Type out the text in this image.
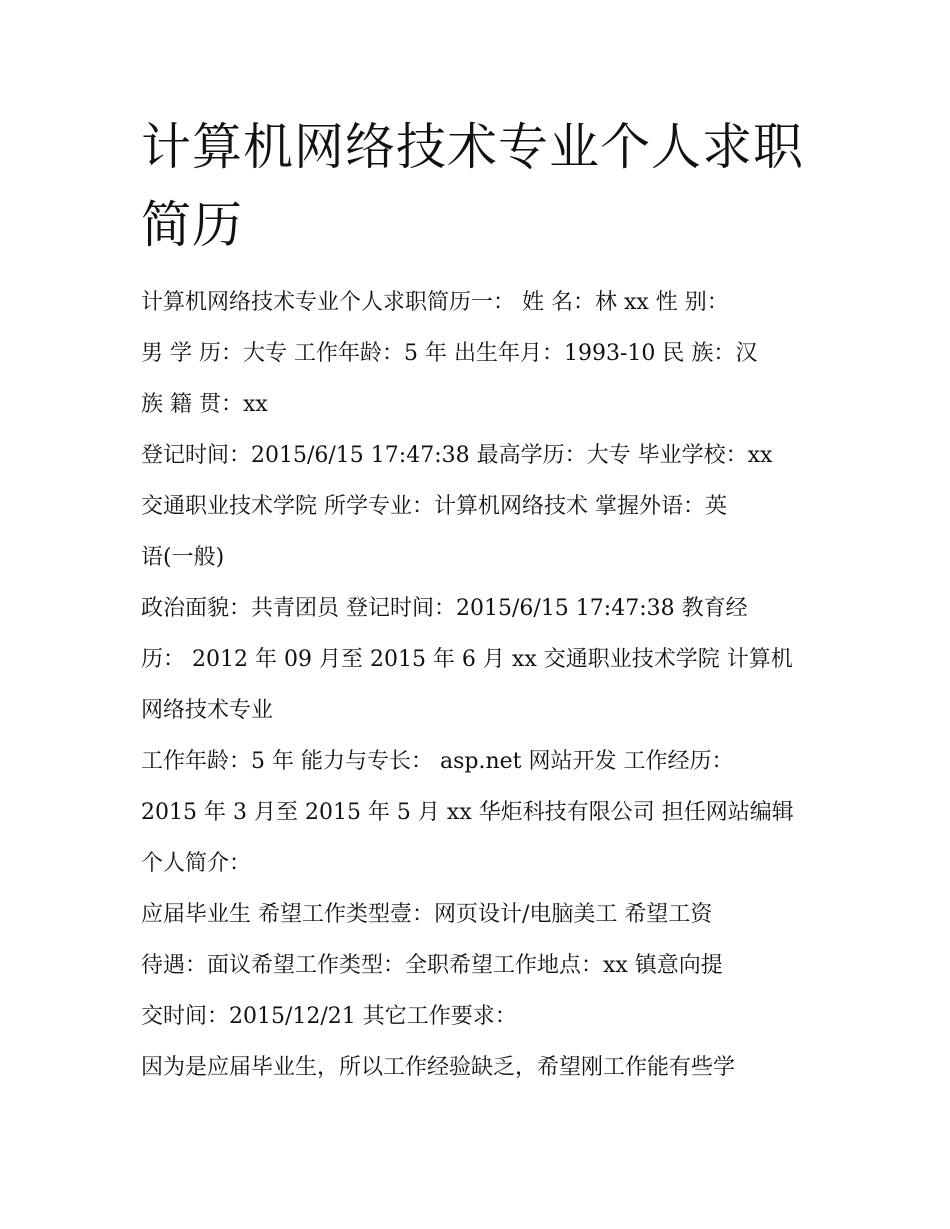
计算机网络技术专业个人求职
简历

计算机网络技术专业个人求职简历一： 姓 名：林 xx 性 别：

男 学 历：大专 工作年龄：5 年 出生年月：1993-10 民 族：汉

族 籍 贯：xx

登记时间：2015/6/15 17:47:38 最高学历：大专 毕业学校：xx

交通职业技术学院 所学专业：计算机网络技术 掌握外语：英

语(一般)

政治面貌：共青团员 登记时间：2015/6/15 17:47:38 教育经

历： 2012 年 09 月至 2015 年 6 月 xx 交通职业技术学院 计算机

网络技术专业

工作年龄：5 年 能力与专长： asp.net 网站开发 工作经历：

2015 年 3 月至 2015 年 5 月 xx 华炬科技有限公司 担任网站编辑

个人简介：

应届毕业生 希望工作类型壹：网页设计/电脑美工 希望工资

待遇：面议希望工作类型：全职希望工作地点：xx 镇意向提

交时间：2015/12/21 其它工作要求：

因为是应届毕业生，所以工作经验缺乏，希望刚工作能有些学
